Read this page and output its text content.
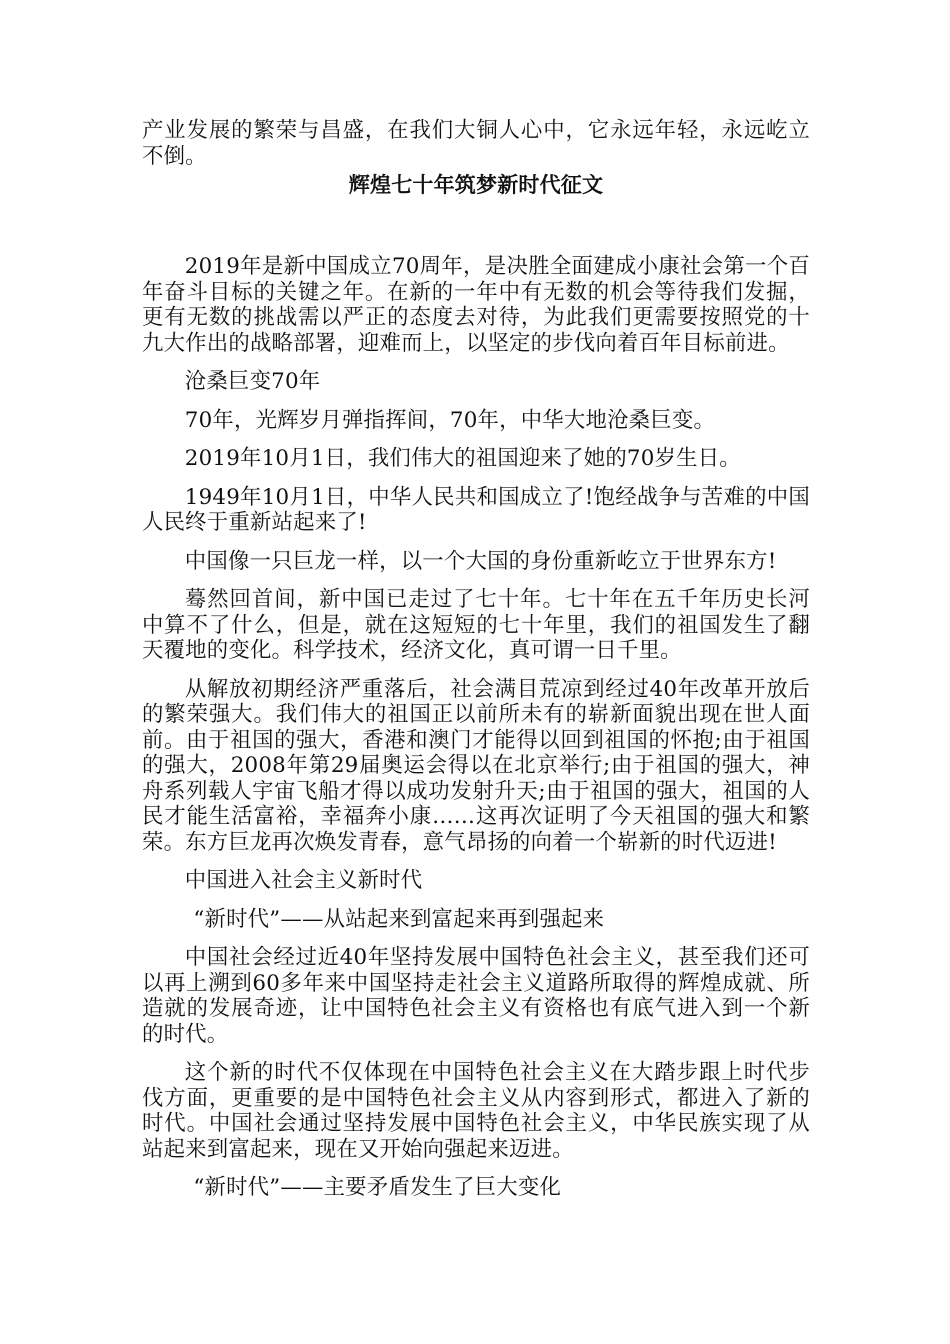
产业发展的繁荣与昌盛，在我们大铜人心中，它永远年轻，永远屹立不倒。

辉煌七十年筑梦新时代征文

2019年是新中国成立70周年，是决胜全面建成小康社会第一个百年奋斗目标的关键之年。在新的一年中有无数的机会等待我们发掘，更有无数的挑战需以严正的态度去对待，为此我们更需要按照党的十九大作出的战略部署，迎难而上，以坚定的步伐向着百年目标前进。

沧桑巨变70年

70年，光辉岁月弹指挥间，70年，中华大地沧桑巨变。

2019年10月1日，我们伟大的祖国迎来了她的70岁生日。

1949年10月1日，中华人民共和国成立了!饱经战争与苦难的中国人民终于重新站起来了!

中国像一只巨龙一样，以一个大国的身份重新屹立于世界东方!

蓦然回首间，新中国已走过了七十年。七十年在五千年历史长河中算不了什么，但是，就在这短短的七十年里，我们的祖国发生了翻天覆地的变化。科学技术，经济文化，真可谓一日千里。

从解放初期经济严重落后，社会满目荒凉到经过40年改革开放后的繁荣强大。我们伟大的祖国正以前所未有的崭新面貌出现在世人面前。由于祖国的强大，香港和澳门才能得以回到祖国的怀抱;由于祖国的强大，2008年第29届奥运会得以在北京举行;由于祖国的强大，神舟系列载人宇宙飞船才得以成功发射升天;由于祖国的强大，祖国的人民才能生活富裕，幸福奔小康……这再次证明了今天祖国的强大和繁荣。东方巨龙再次焕发青春，意气昂扬的向着一个崭新的时代迈进!

中国进入社会主义新时代

“新时代”——从站起来到富起来再到强起来

中国社会经过近40年坚持发展中国特色社会主义，甚至我们还可以再上溯到60多年来中国坚持走社会主义道路所取得的辉煌成就、所造就的发展奇迹，让中国特色社会主义有资格也有底气进入到一个新的时代。

这个新的时代不仅体现在中国特色社会主义在大踏步跟上时代步伐方面，更重要的是中国特色社会主义从内容到形式，都进入了新的时代。中国社会通过坚持发展中国特色社会主义，中华民族实现了从站起来到富起来，现在又开始向强起来迈进。

“新时代”——主要矛盾发生了巨大变化
